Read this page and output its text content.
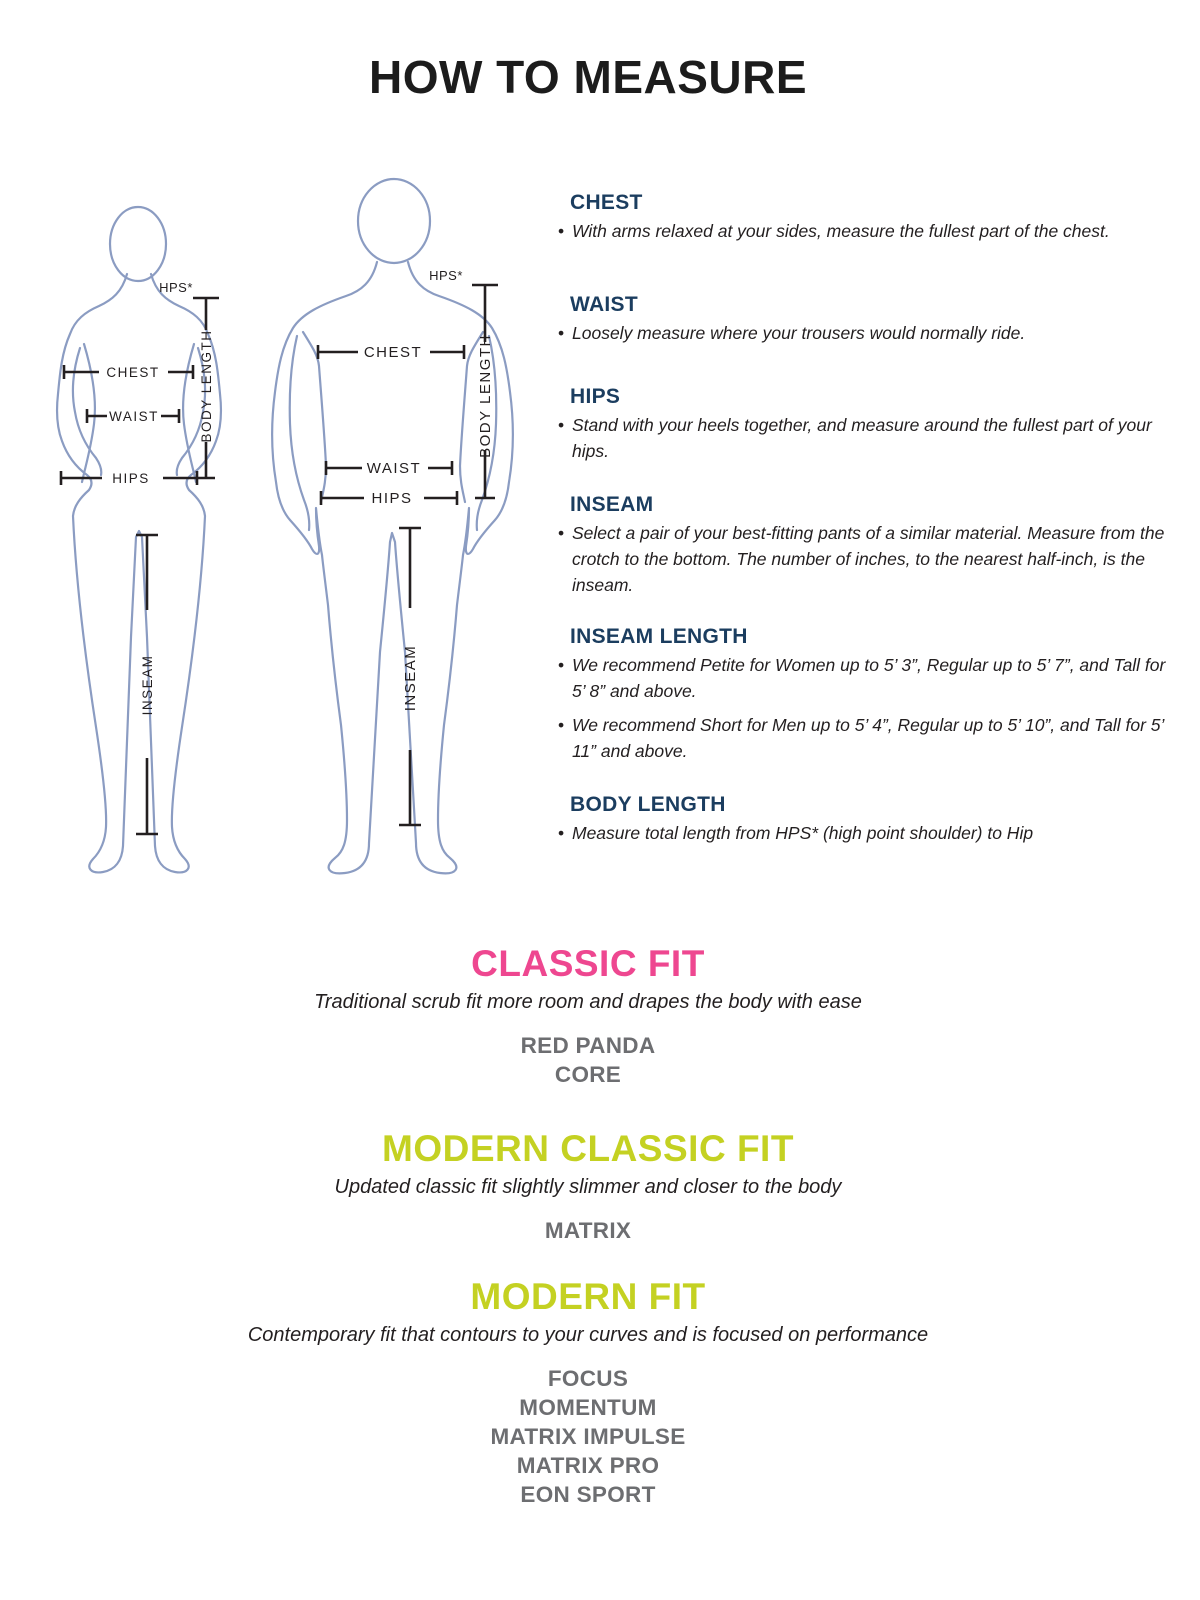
HOW TO MEASURE
CHEST
WAIST
HIPS
BODY LENGTH
HPS*
INSEAM
CHEST
WAIST
HIPS
BODY LENGTH
HPS*
INSEAM
CHEST
• With arms relaxed at your sides, measure the fullest part of the chest.
WAIST
• Loosely measure where your trousers would normally ride.
HIPS
• Stand with your heels together, and measure around the fullest part of your hips.
INSEAM
• Select a pair of your best-fitting pants of a similar material. Measure from the crotch to the bottom. The number of inches, to the nearest half-inch, is the inseam.
INSEAM LENGTH
• We recommend Petite for Women up to 5’ 3”, Regular up to 5’ 7”, and Tall for 5’ 8” and above.
• We recommend Short for Men up to 5’ 4”, Regular up to 5’ 10”, and Tall for 5’ 11” and above.
BODY LENGTH
• Measure total length from HPS* (high point shoulder) to Hip
CLASSIC FIT

Traditional scrub fit more room and drapes the body with ease

RED PANDA
CORE
MODERN CLASSIC FIT

Updated classic fit slightly slimmer and closer to the body

MATRIX
MODERN FIT

Contemporary fit that contours to your curves and is focused on performance

FOCUS
MOMENTUM
MATRIX IMPULSE
MATRIX PRO
EON SPORT
